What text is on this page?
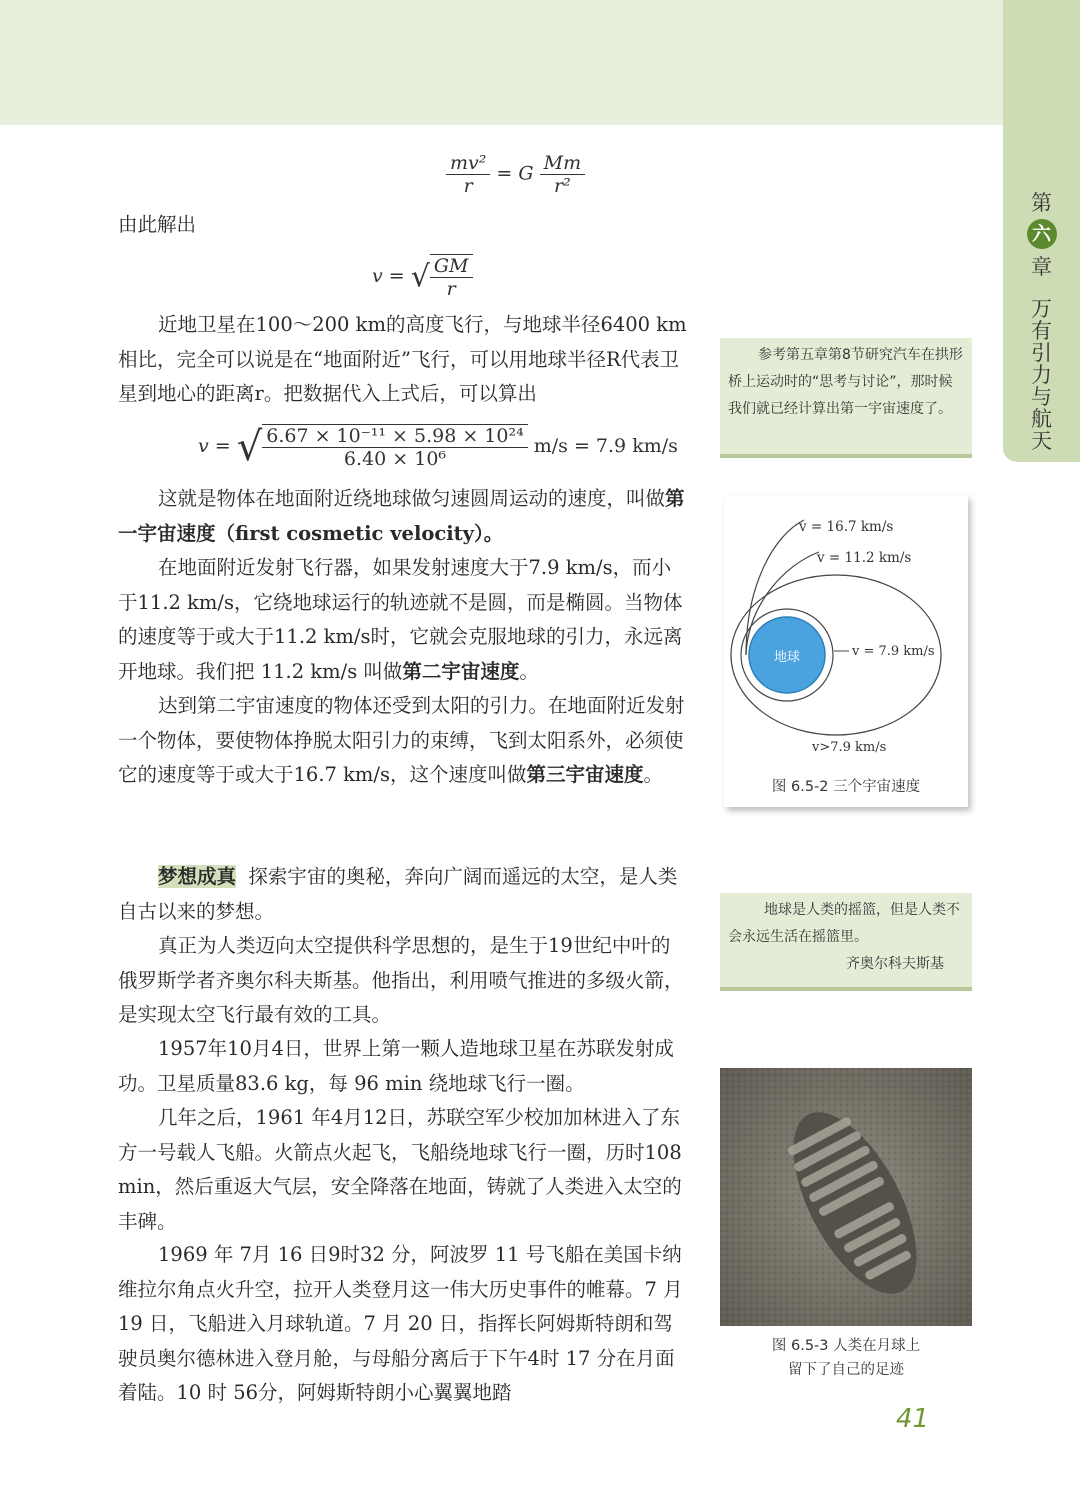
第
六
章
万
有
引
力
与
航
天
$\frac{\text{mv²}}{r} = G \frac{Mm}{\text{r²}}$
由此解出
v = √ $\frac{GM}{r}$
近地卫星在100～200 km的高度飞行，与地球半径6400 km相比，完全可以说是在“地面附近”飞行，可以用地球半径R代表卫星到地心的距离r。把数据代入上式后，可以算出
v = √ $\frac{\text{6.67 × 10⁻¹¹ × 5.98 × 10²⁴}}{\text{6.40 × 10⁶}} m/s = 7.9$ km/s
这就是物体在地面附近绕地球做匀速圆周运动的速度，叫做第一宇宙速度（first cosmetic velocity）。
在地面附近发射飞行器，如果发射速度大于7.9 km/s，而小于11.2 km/s，它绕地球运行的轨迹就不是圆，而是椭圆。当物体的速度等于或大于11.2 km/s时，它就会克服地球的引力，永远离开地球。我们把 11.2 km/s 叫做第二宇宙速度。
达到第二宇宙速度的物体还受到太阳的引力。在地面附近发射一个物体，要使物体挣脱太阳引力的束缚，飞到太阳系外，必须使它的速度等于或大于16.7 km/s，这个速度叫做第三宇宙速度。
梦想成真 探索宇宙的奥秘，奔向广阔而遥远的太空，是人类自古以来的梦想。
真正为人类迈向太空提供科学思想的，是生于19世纪中叶的俄罗斯学者齐奥尔科夫斯基。他指出，利用喷气推进的多级火箭，是实现太空飞行最有效的工具。
1957年10月4日，世界上第一颗人造地球卫星在苏联发射成功。卫星质量83.6 kg，每 96 min 绕地球飞行一圈。
几年之后，1961 年4月12日，苏联空军少校加加林进入了东方一号载人飞船。火箭点火起飞，飞船绕地球飞行一圈，历时108 min，然后重返大气层，安全降落在地面，铸就了人类进入太空的丰碑。
1969 年 7月 16 日9时32 分，阿波罗 11 号飞船在美国卡纳维拉尔角点火升空，拉开人类登月这一伟大历史事件的帷幕。7 月 19 日，飞船进入月球轨道。7 月 20 日，指挥长阿姆斯特朗和驾驶员奥尔德林进入登月舱，与母船分离后于下午4时 17 分在月面着陆。10 时 56分，阿姆斯特朗小心翼翼地踏
参考第五章第8节研究汽车在拱形桥上运动时的“思考与讨论”，那时候我们就已经计算出第一宇宙速度了。
地球	v = 7.9 km/s
v = 16.7 km/s
v = 11.2 km/s
v>7.9 km/s
图 6.5-2 三个宇宙速度
地球是人类的摇篮，但是人类不会永远生活在摇篮里。
齐奥尔科夫斯基
图 6.5-3 人类在月球上
留下了自己的足迹
41
